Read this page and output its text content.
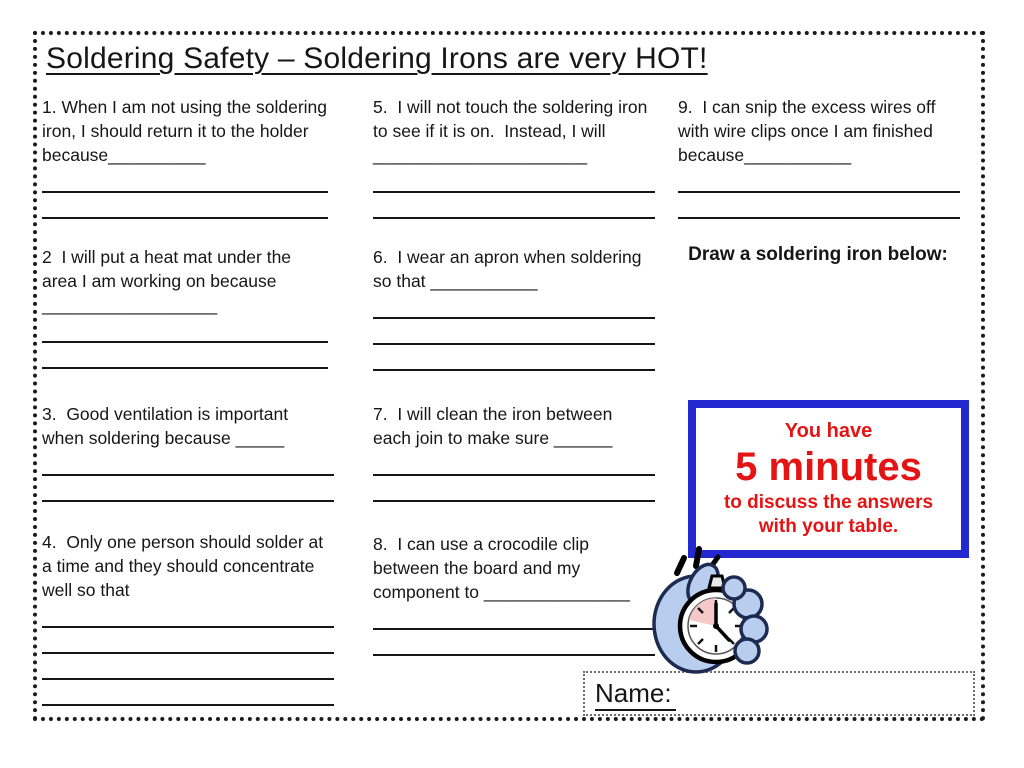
Soldering Safety – Soldering Irons are very HOT!

1. When I am not using the soldering iron, I should return it to the holder because__________

2  I will put a heat mat under the area I am working on because __________________

3.  Good ventilation is important when soldering because _____

4.  Only one person should solder at a time and they should concentrate well so that

5.  I will not touch the soldering iron to see if it is on.  Instead, I will ______________________

6.  I wear an apron when soldering so that ___________

7.  I will clean the iron between each join to make sure ______

8.  I can use a crocodile clip between the board and my component to _______________

9.  I can snip the excess wires off with wire clips once I am finished because___________

Draw a soldering iron below:

You have

5 minutes

to discuss the answers with your table.

Name:
